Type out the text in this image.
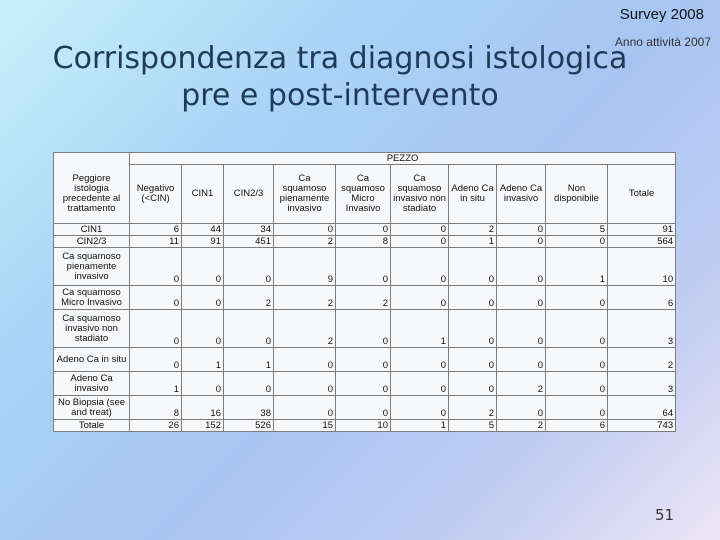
Survey 2008
Anno attività 2007
Corrispondenza tra diagnosi istologica
pre e post-intervento
	PEZZO									
Peggiore istologia precedente al trattamento	Negativo (<CIN)	CIN1	CIN2/3	Ca squamoso pienamente invasivo	Ca squamoso Micro Invasivo	Ca squamoso invasivo non stadiato	Adeno Ca in situ	Adeno Ca invasivo	Non disponibile	Totale
CIN1	6	44	34	0	0	0	2	0	5	91
CIN2/3	11	91	451	2	8	0	1	0	0	564
Ca squamoso pienamente invasivo	0	0	0	9	0	0	0	0	1	10
Ca squamoso Micro Invasivo	0	0	2	2	2	0	0	0	0	6
Ca squamoso invasivo non stadiato	0	0	0	2	0	1	0	0	0	3
Adeno Ca in situ	0	1	1	0	0	0	0	0	0	2
Adeno Ca invasivo	1	0	0	0	0	0	0	2	0	3
No Biopsia (see and treat)	8	16	38	0	0	0	2	0	0	64
Totale	26	152	526	15	10	1	5	2	6	743
51
